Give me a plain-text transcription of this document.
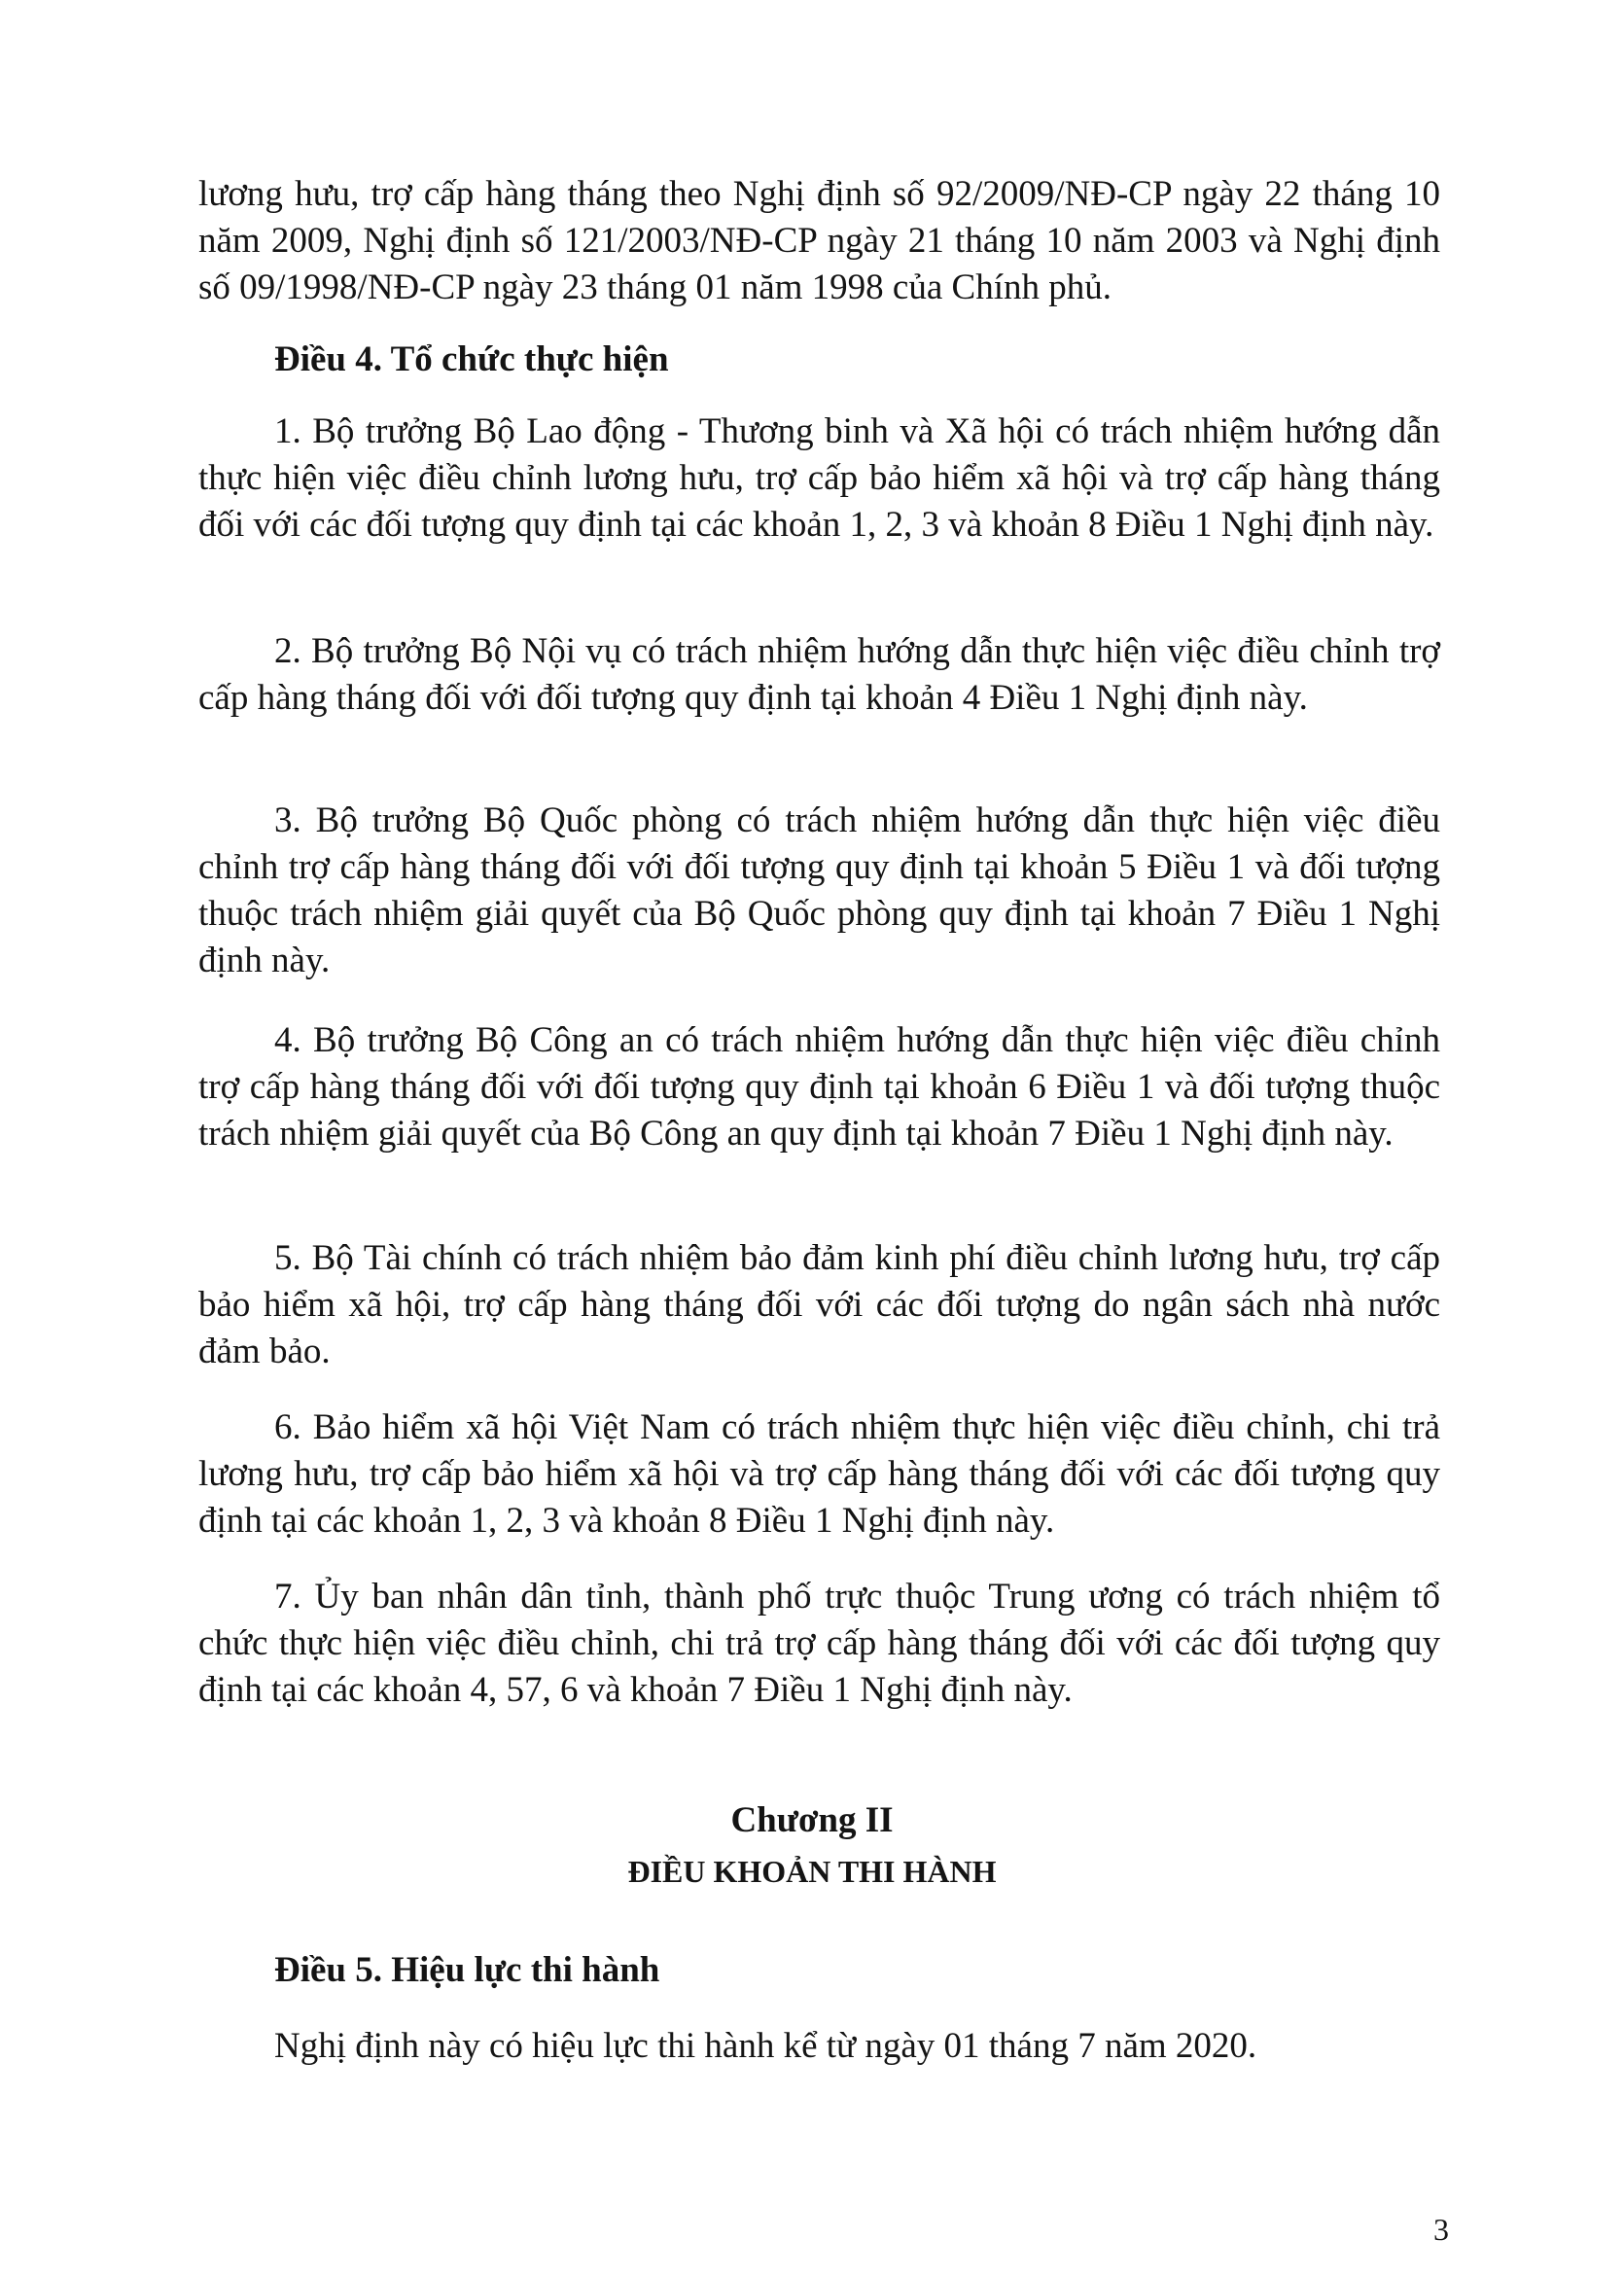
lương hưu, trợ cấp hàng tháng theo Nghị định số 92/2009/NĐ-CP ngày 22 tháng 10 năm 2009, Nghị định số 121/2003/NĐ-CP ngày 21 tháng 10 năm 2003 và Nghị định số 09/1998/NĐ-CP ngày 23 tháng 01 năm 1998 của Chính phủ.

Điều 4. Tổ chức thực hiện

1. Bộ trưởng Bộ Lao động - Thương binh và Xã hội có trách nhiệm hướng dẫn thực hiện việc điều chỉnh lương hưu, trợ cấp bảo hiểm xã hội và trợ cấp hàng tháng đối với các đối tượng quy định tại các khoản 1, 2, 3 và khoản 8 Điều 1 Nghị định này.

2. Bộ trưởng Bộ Nội vụ có trách nhiệm hướng dẫn thực hiện việc điều chỉnh trợ cấp hàng tháng đối với đối tượng quy định tại khoản 4 Điều 1 Nghị định này.

3. Bộ trưởng Bộ Quốc phòng có trách nhiệm hướng dẫn thực hiện việc điều chỉnh trợ cấp hàng tháng đối với đối tượng quy định tại khoản 5 Điều 1 và đối tượng thuộc trách nhiệm giải quyết của Bộ Quốc phòng quy định tại khoản 7 Điều 1 Nghị định này.

4. Bộ trưởng Bộ Công an có trách nhiệm hướng dẫn thực hiện việc điều chỉnh trợ cấp hàng tháng đối với đối tượng quy định tại khoản 6 Điều 1 và đối tượng thuộc trách nhiệm giải quyết của Bộ Công an quy định tại khoản 7 Điều 1 Nghị định này.

5. Bộ Tài chính có trách nhiệm bảo đảm kinh phí điều chỉnh lương hưu, trợ cấp bảo hiểm xã hội, trợ cấp hàng tháng đối với các đối tượng do ngân sách nhà nước đảm bảo.

6. Bảo hiểm xã hội Việt Nam có trách nhiệm thực hiện việc điều chỉnh, chi trả lương hưu, trợ cấp bảo hiểm xã hội và trợ cấp hàng tháng đối với các đối tượng quy định tại các khoản 1, 2, 3 và khoản 8 Điều 1 Nghị định này.

7. Ủy ban nhân dân tỉnh, thành phố trực thuộc Trung ương có trách nhiệm tổ chức thực hiện việc điều chỉnh, chi trả trợ cấp hàng tháng đối với các đối tượng quy định tại các khoản 4, 57, 6 và khoản 7 Điều 1 Nghị định này.

Chương II
ĐIỀU KHOẢN THI HÀNH
Điều 5. Hiệu lực thi hành

Nghị định này có hiệu lực thi hành kể từ ngày 01 tháng 7 năm 2020.

3
